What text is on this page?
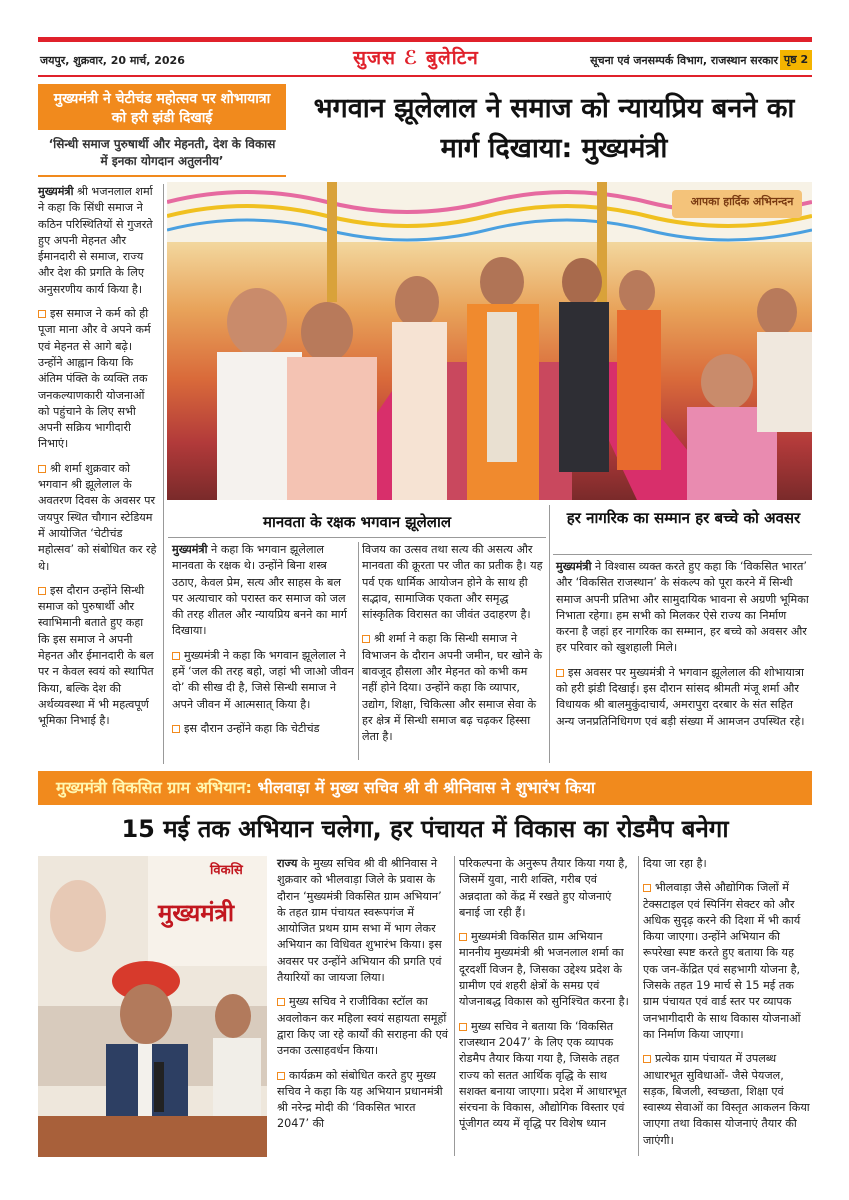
जयपुर, शुक्रवार, 20 मार्च, 2026	सुजस ℰ बुलेटिन	सूचना एवं जनसम्पर्क विभाग, राजस्थान सरकार पृष्ठ 2
मुख्यमंत्री ने चेटीचंड महोत्सव पर शोभायात्रा को हरी झंडी दिखाई
‘सिन्धी समाज पुरुषार्थी और मेहनती, देश के विकास में इनका योगदान अतुलनीय’
भगवान झूलेलाल ने समाज को न्यायप्रिय बनने का मार्ग दिखाया: मुख्यमंत्री

मुख्यमंत्री श्री भजनलाल शर्मा ने कहा कि सिंधी समाज ने कठिन परिस्थितियों से गुजरते हुए अपनी मेहनत और ईमानदारी से समाज, राज्य और देश की प्रगति के लिए अनुसरणीय कार्य किया है।

इस समाज ने कर्म को ही पूजा माना और वे अपने कर्म एवं मेहनत से आगे बढ़े। उन्होंने आह्वान किया कि अंतिम पंक्ति के व्यक्ति तक जनकल्याणकारी योजनाओं को पहुंचाने के लिए सभी अपनी सक्रिय भागीदारी निभाएं।

श्री शर्मा शुक्रवार को भगवान श्री झूलेलाल के अवतरण दिवस के अवसर पर जयपुर स्थित चौगान स्टेडियम में आयोजित ‘चेटीचंड महोत्सव’ को संबोधित कर रहे थे।

इस दौरान उन्होंने सिन्धी समाज को पुरुषार्थी और स्वाभिमानी बताते हुए कहा कि इस समाज ने अपनी मेहनत और ईमानदारी के बल पर न केवल स्वयं को स्थापित किया, बल्कि देश की अर्थव्यवस्था में भी महत्वपूर्ण भूमिका निभाई है।

आपका हार्दिक अभिनन्दन
मानवता के रक्षक भगवान झूलेलाल

मुख्यमंत्री ने कहा कि भगवान झूलेलाल मानवता के रक्षक थे। उन्होंने बिना शस्त्र उठाए, केवल प्रेम, सत्य और साहस के बल पर अत्याचार को परास्त कर समाज को जल की तरह शीतल और न्यायप्रिय बनने का मार्ग दिखाया।

मुख्यमंत्री ने कहा कि भगवान झूलेलाल ने हमें ‘जल की तरह बहो, जहां भी जाओ जीवन दो’ की सीख दी है, जिसे सिन्धी समाज ने अपने जीवन में आत्मसात् किया है।

इस दौरान उन्होंने कहा कि चेटीचंड

विजय का उत्सव तथा सत्य की असत्य और मानवता की क्रूरता पर जीत का प्रतीक है। यह पर्व एक धार्मिक आयोजन होने के साथ ही सद्भाव, सामाजिक एकता और समृद्ध सांस्कृतिक विरासत का जीवंत उदाहरण है।

श्री शर्मा ने कहा कि सिन्धी समाज ने विभाजन के दौरान अपनी जमीन, घर खोने के बावजूद हौसला और मेहनत को कभी कम नहीं होने दिया। उन्होंने कहा कि व्यापार, उद्योग, शिक्षा, चिकित्सा और समाज सेवा के हर क्षेत्र में सिन्धी समाज बढ़ चढ़कर हिस्सा लेता है।

हर नागरिक का सम्मान हर बच्चे को अवसर

मुख्यमंत्री ने विश्वास व्यक्त करते हुए कहा कि ‘विकसित भारत’ और ‘विकसित राजस्थान’ के संकल्प को पूरा करने में सिन्धी समाज अपनी प्रतिभा और सामुदायिक भावना से अग्रणी भूमिका निभाता रहेगा। हम सभी को मिलकर ऐसे राज्य का निर्माण करना है जहां हर नागरिक का सम्मान, हर बच्चे को अवसर और हर परिवार को खुशहाली मिले।

इस अवसर पर मुख्यमंत्री ने भगवान झूलेलाल की शोभायात्रा को हरी झंडी दिखाई। इस दौरान सांसद श्रीमती मंजू शर्मा और विधायक श्री बालमुकुंदाचार्य, अमरापुरा दरबार के संत सहित अन्य जनप्रतिनिधिगण एवं बड़ी संख्या में आमजन उपस्थित रहे।

मुख्यमंत्री विकसित ग्राम अभियान: भीलवाड़ा में मुख्य सचिव श्री वी श्रीनिवास ने शुभारंभ किया
15 मई तक अभियान चलेगा, हर पंचायत में विकास का रोडमैप बनेगा
मुख्यमंत्री
विकसि	राज्य के मुख्य सचिव श्री वी श्रीनिवास ने शुक्रवार को भीलवाड़ा जिले के प्रवास के दौरान ‘मुख्यमंत्री विकसित ग्राम अभियान’ के तहत ग्राम पंचायत स्वरूपगंज में आयोजित प्रथम ग्राम सभा में भाग लेकर अभियान का विधिवत शुभारंभ किया। इस अवसर पर उन्होंने अभियान की प्रगति एवं तैयारियों का जायजा लिया।

मुख्य सचिव ने राजीविका स्टॉल का अवलोकन कर महिला स्वयं सहायता समूहों द्वारा किए जा रहे कार्यों की सराहना की एवं उनका उत्साहवर्धन किया।

कार्यक्रम को संबोधित करते हुए मुख्य सचिव ने कहा कि यह अभियान प्रधानमंत्री श्री नरेन्द्र मोदी की ‘विकसित भारत 2047’ की

परिकल्पना के अनुरूप तैयार किया गया है, जिसमें युवा, नारी शक्ति, गरीब एवं अन्नदाता को केंद्र में रखते हुए योजनाएं बनाई जा रही हैं।

मुख्यमंत्री विकसित ग्राम अभियान माननीय मुख्यमंत्री श्री भजनलाल शर्मा का दूरदर्शी विजन है, जिसका उद्देश्य प्रदेश के ग्रामीण एवं शहरी क्षेत्रों के समग्र एवं योजनाबद्ध विकास को सुनिश्चित करना है।

मुख्य सचिव ने बताया कि ‘विकसित राजस्थान 2047’ के लिए एक व्यापक रोडमैप तैयार किया गया है, जिसके तहत राज्य को सतत आर्थिक वृद्धि के साथ सशक्त बनाया जाएगा। प्रदेश में आधारभूत संरचना के विकास, औद्योगिक विस्तार एवं पूंजीगत व्यय में वृद्धि पर विशेष ध्यान

दिया जा रहा है।

भीलवाड़ा जैसे औद्योगिक जिलों में टेक्सटाइल एवं स्पिनिंग सेक्टर को और अधिक सुदृढ़ करने की दिशा में भी कार्य किया जाएगा। उन्होंने अभियान की रूपरेखा स्पष्ट करते हुए बताया कि यह एक जन-केंद्रित एवं सहभागी योजना है, जिसके तहत 19 मार्च से 15 मई तक ग्राम पंचायत एवं वार्ड स्तर पर व्यापक जनभागीदारी के साथ विकास योजनाओं का निर्माण किया जाएगा।

प्रत्येक ग्राम पंचायत में उपलब्ध आधारभूत सुविधाओं- जैसे पेयजल, सड़क, बिजली, स्वच्छता, शिक्षा एवं स्वास्थ्य सेवाओं का विस्तृत आकलन किया जाएगा तथा विकास योजनाएं तैयार की जाएंगी।
